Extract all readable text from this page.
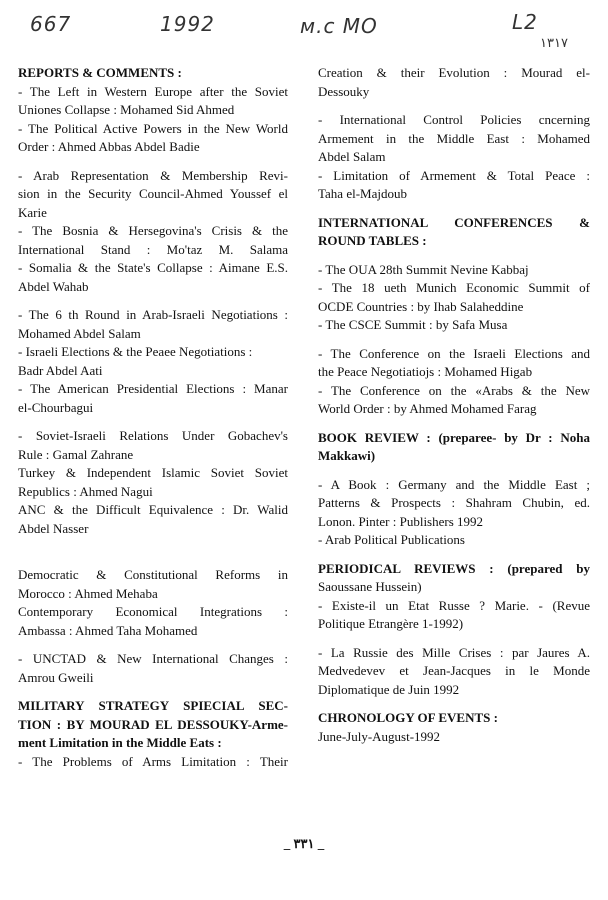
667	1992	м.c MO	L2
١٣١٧
REPORTS & COMMENTS :
- The Left in Western Europe after the Soviet
Uniones Collapse : Mohamed Sid Ahmed
- The Political Active Powers in the New World
Order : Ahmed Abbas Abdel Badie
- Arab Representation & Membership Revi-
sion in the Security Council-Ahmed Youssef el
Karie
- The Bosnia & Hersegovina's Crisis & the
International Stand : Mo'taz M. Salama
- Somalia & the State's Collapse : Aimane E.S.
Abdel Wahab
- The 6 th Round in Arab-Israeli Negotiations :
Mohamed Abdel Salam
- Israeli Elections & the Peaee Negotiations :
Badr Abdel Aati
- The American Presidential Elections : Manar
el-Chourbagui
- Soviet-Israeli Relations Under Gobachev's
Rule : Gamal Zahrane
Turkey & Independent Islamic Soviet Soviet
Republics : Ahmed Nagui
ANC & the Difficult Equivalence : Dr. Walid
Abdel Nasser
Democratic & Constitutional Reforms in
Morocco : Ahmed Mehaba
Contemporary Economical Integrations :
Ambassa : Ahmed Taha Mohamed
- UNCTAD & New International Changes :
Amrou Gweili
MILITARY STRATEGY SPIECIAL SEC-
TION : BY MOURAD EL DESSOUKY-Arme-
ment Limitation in the Middle Eats :
- The Problems of Arms Limitation : Their
Creation & their Evolution : Mourad el-
Dessouky
- International Control Policies cncerning
Armement in the Middle East : Mohamed
Abdel Salam
- Limitation of Armement & Total Peace :
Taha el-Majdoub
INTERNATIONAL CONFERENCES &
ROUND TABLES :
- The OUA 28th Summit Nevine Kabbaj
- The 18 ueth Munich Economic Summit of
OCDE Countries : by Ihab Salaheddine
- The CSCE Summit : by Safa Musa
- The Conference on the Israeli Elections and
the Peace Negotiatiojs : Mohamed Higab
- The Conference on the «Arabs & the New
World Order : by Ahmed Mohamed Farag
BOOK REVIEW : (preparee- by Dr : Noha
Makkawi)
- A Book : Germany and the Middle East ;
Patterns & Prospects : Shahram Chubin, ed.
Lonon. Pinter : Publishers 1992
- Arab Political Publications
PERIODICAL REVIEWS : (prepared by
Saoussane Hussein)
- Existe-il un Etat Russe ? Marie. - (Revue
Politique Etrangère 1-1992)
- La Russie des Mille Crises : par Jaures A.
Medvedevev et Jean-Jacques in le Monde
Diplomatique de Juin 1992
CHRONOLOGY OF EVENTS :
June-July-August-1992
_ ٣٣١ _
